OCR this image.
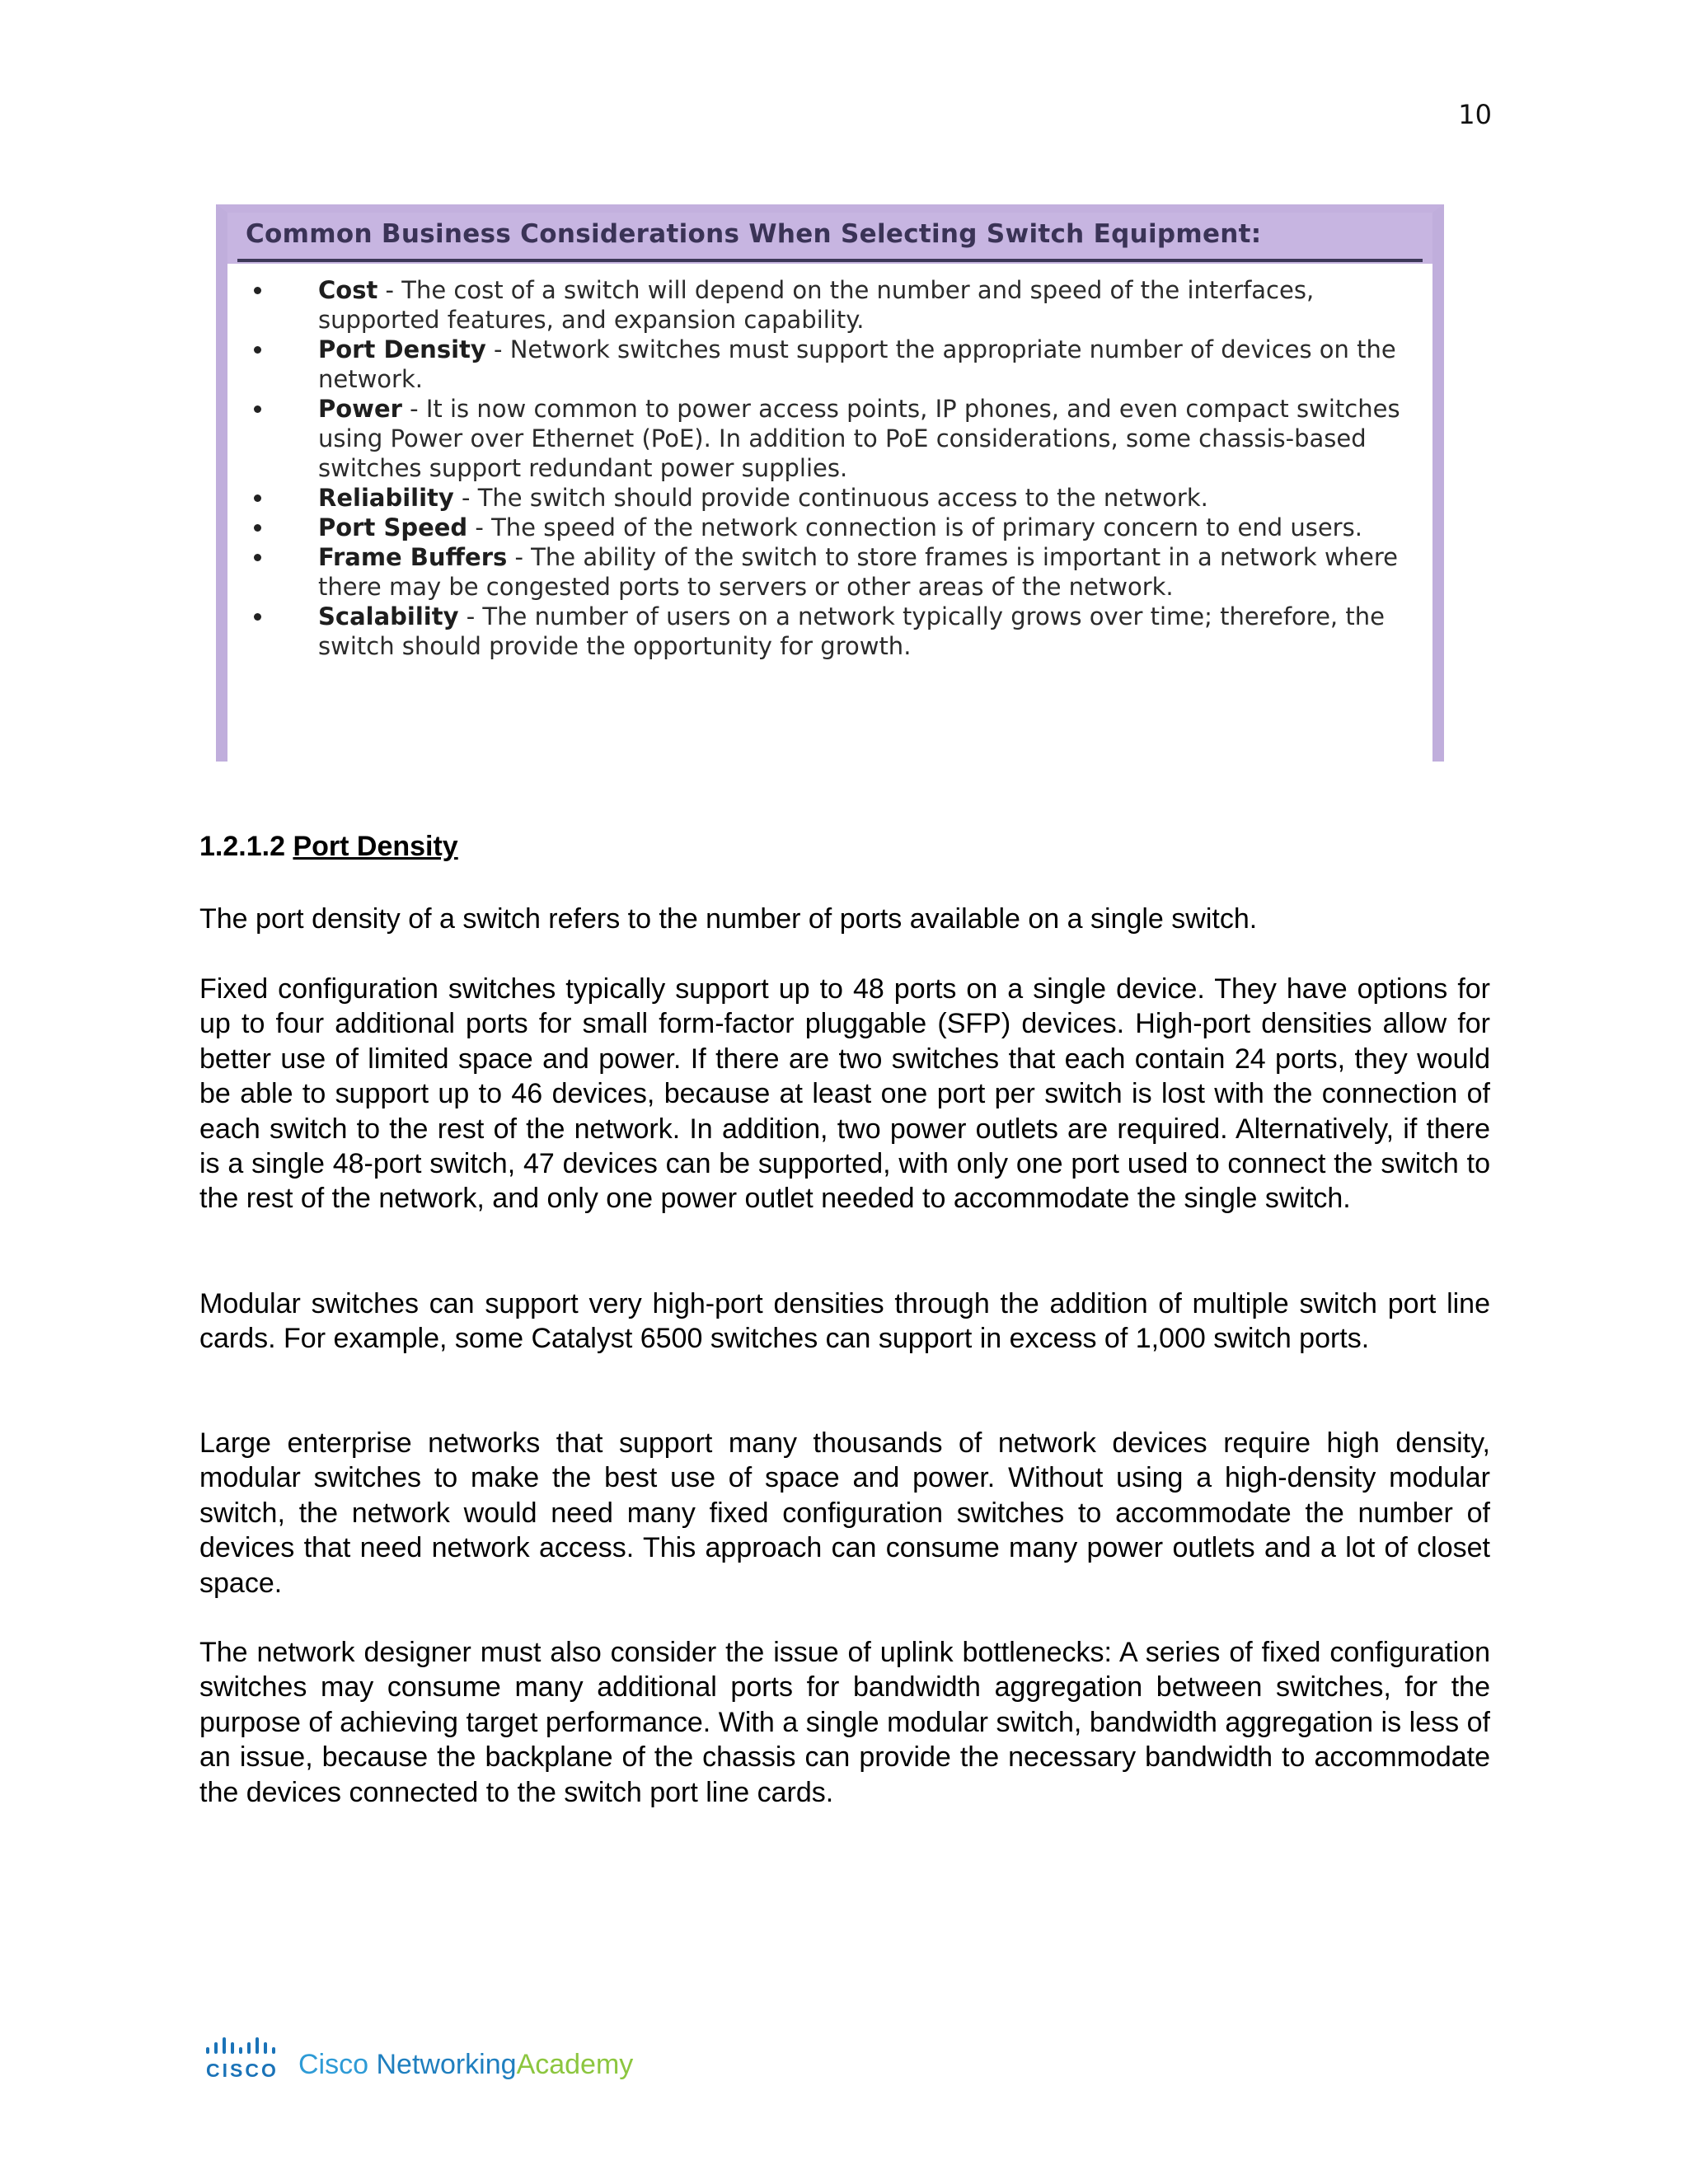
10
Common Business Considerations When Selecting Switch Equipment:
Cost - The cost of a switch will depend on the number and speed of the interfaces, supported features, and expansion capability.
Port Density - Network switches must support the appropriate number of devices on the network.
Power - It is now common to power access points, IP phones, and even compact switches using Power over Ethernet (PoE). In addition to PoE considerations, some chassis-based switches support redundant power supplies.
Reliability - The switch should provide continuous access to the network.
Port Speed - The speed of the network connection is of primary concern to end users.
Frame Buffers - The ability of the switch to store frames is important in a network where there may be congested ports to servers or other areas of the network.
Scalability - The number of users on a network typically grows over time; therefore, the switch should provide the opportunity for growth.
1.2.1.2 Port Density

The port density of a switch refers to the number of ports available on a single switch.

Fixed configuration switches typically support up to 48 ports on a single device. They have options for up to four additional ports for small form-factor pluggable (SFP) devices. High-port densities allow for better use of limited space and power. If there are two switches that each contain 24 ports, they would be able to support up to 46 devices, because at least one port per switch is lost with the connection of each switch to the rest of the network. In addition, two power outlets are required. Alternatively, if there is a single 48-port switch, 47 devices can be supported, with only one port used to connect the switch to the rest of the network, and only one power outlet needed to accommodate the single switch.

Modular switches can support very high-port densities through the addition of multiple switch port line cards. For example, some Catalyst 6500 switches can support in excess of 1,000 switch ports.

Large enterprise networks that support many thousands of network devices require high density, modular switches to make the best use of space and power. Without using a high-density modular switch, the network would need many fixed configuration switches to accommodate the number of devices that need network access. This approach can consume many power outlets and a lot of closet space.

The network designer must also consider the issue of uplink bottlenecks: A series of fixed configuration switches may consume many additional ports for bandwidth aggregation between switches, for the purpose of achieving target performance. With a single modular switch, bandwidth aggregation is less of an issue, because the backplane of the chassis can provide the necessary bandwidth to accommodate the devices connected to the switch port line cards.

CISCO Cisco NetworkingAcademy
